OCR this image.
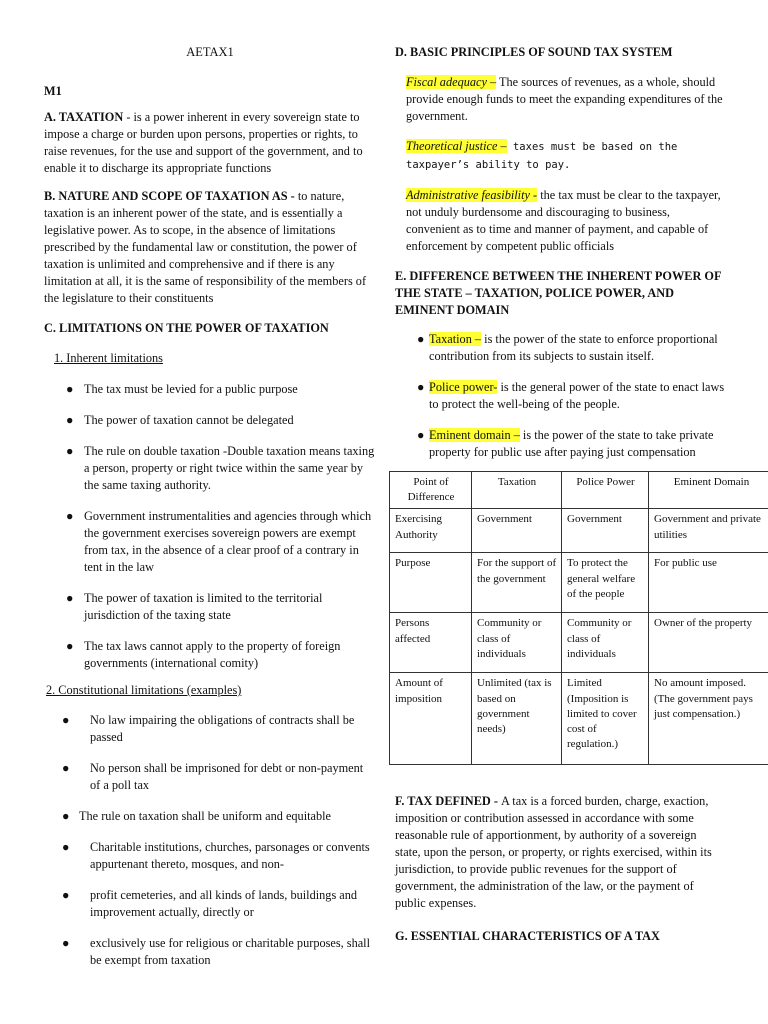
AETAX1

M1

A. TAXATION - is a power inherent in every sovereign state to impose a charge or burden upon persons, properties or rights, to raise revenues, for the use and support of the government, and to enable it to discharge its appropriate functions

B. NATURE AND SCOPE OF TAXATION AS - to nature, taxation is an inherent power of the state, and is essentially a legislative power. As to scope, in the absence of limitations prescribed by the fundamental law or constitution, the power of taxation is unlimited and comprehensive and if there is any limitation at all, it is the same of responsibility of the members of the legislature to their constituents

C. LIMITATIONS ON THE POWER OF TAXATION

1. Inherent limitations

● The tax must be levied for a public purpose
● The power of taxation cannot be delegated
● The rule on double taxation -Double taxation means taxing a person, property or right twice within the same year by the same taxing authority.
● Government instrumentalities and agencies through which the government exercises sovereign powers are exempt from tax, in the absence of a clear proof of a contrary in tent in the law
● The power of taxation is limited to the territorial jurisdiction of the taxing state
● The tax laws cannot apply to the property of foreign governments (international comity)

2. Constitutional limitations (examples)

● No law impairing the obligations of contracts shall be passed
● No person shall be imprisoned for debt or non-payment of a poll tax
● The rule on taxation shall be uniform and equitable
● Charitable institutions, churches, parsonages or convents appurtenant thereto, mosques, and non-
● profit cemeteries, and all kinds of lands, buildings and improvement actually, directly or
● exclusively use for religious or charitable purposes, shall be exempt from taxation

D. BASIC PRINCIPLES OF SOUND TAX SYSTEM

Fiscal adequacy – The sources of revenues, as a whole, should provide enough funds to meet the expanding expenditures of the government.

Theoretical justice – taxes must be based on the taxpayer’s ability to pay.

Administrative feasibility - the tax must be clear to the taxpayer, not unduly burdensome and discouraging to business, convenient as to time and manner of payment, and capable of enforcement by competent public officials

E. DIFFERENCE BETWEEN THE INHERENT POWER OF THE STATE – TAXATION, POLICE POWER, AND EMINENT DOMAIN

● Taxation – is the power of the state to enforce proportional contribution from its subjects to sustain itself.
● Police power- is the general power of the state to enact laws to protect the well-being of the people.
● Eminent domain – is the power of the state to take private property for public use after paying just compensation
Point of Difference	Taxation	Police Power	Eminent Domain
Exercising Authority	Government	Government	Government and private utilities
Purpose	For the support of the government	To protect the general welfare of the people	For public use
Persons affected	Community or class of individuals	Community or class of individuals	Owner of the property
Amount of imposition	Unlimited (tax is based on government needs)	Limited (Imposition is limited to cover cost of regulation.)	No amount imposed. (The government pays just compensation.)

F. TAX DEFINED - A tax is a forced burden, charge, exaction, imposition or contribution assessed in accordance with some reasonable rule of apportionment, by authority of a sovereign state, upon the person, or property, or rights exercised, within its jurisdiction, to provide public revenues for the support of government, the administration of the law, or the payment of public expenses.

G. ESSENTIAL CHARACTERISTICS OF A TAX
